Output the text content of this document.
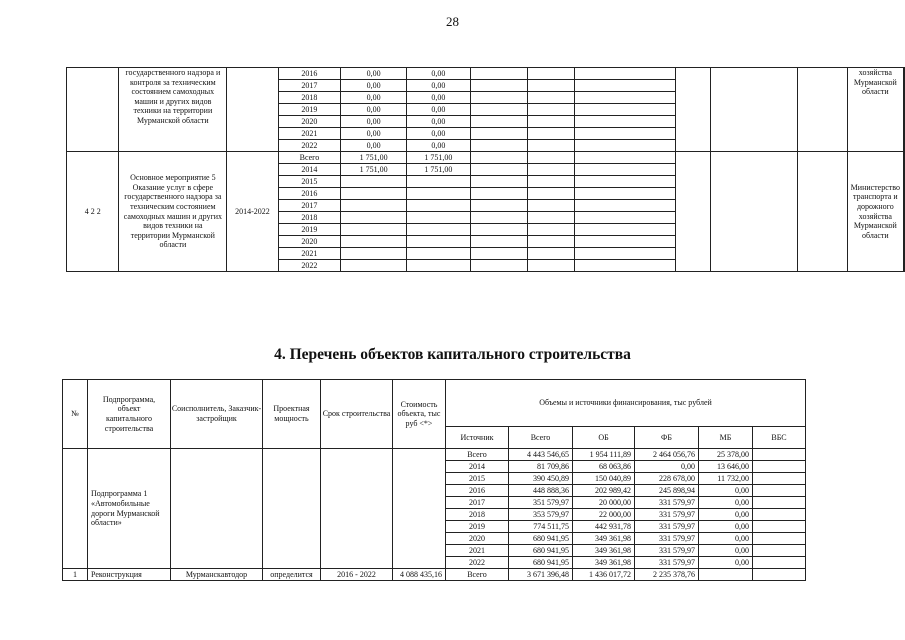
28
	государственного надзора и контроля за техническим состоянием самоходных машин и других видов техники на территории Мурманской области		2016	0,00	0,00							хозяйства Мурманской области	
			2017	0,00	0,00								
			2018	0,00	0,00								
			2019	0,00	0,00								
			2020	0,00	0,00								
			2021	0,00	0,00								
			2022	0,00	0,00								
4 2 2	Основное мероприятие 5 Оказание услуг в сфере государственного надзора за техническим состоянием самоходных машин и других видов техники на территории Мурманской области	2014-2022	Всего	1 751,00	1 751,00							Министерство транспорта и дорожного хозяйства Мурманской области	
			2014	1 751,00	1 751,00								
			2015										
			2016										
			2017										
			2018										
			2019										
			2020										
			2021										
			2022										
4. Перечень объектов капитального строительства
№	Подпрограмма, объект капитального строительства	Соисполнитель, Заказчик-застройщик	Проектная мощность	Срок строительства	Стоимость объекта, тыс руб <*>	Объемы и источники финансирования, тыс рублей					
						Источник	Всего	ОБ	ФБ	МБ	ВБС
	Подпрограмма 1 «Автомобильные дороги Мурманской области»					Всего	4 443 546,65	1 954 111,89	2 464 056,76	25 378,00	
						2014	81 709,86	68 063,86	0,00	13 646,00	
						2015	390 450,89	150 040,89	228 678,00	11 732,00	
						2016	448 888,36	202 989,42	245 898,94	0,00	
						2017	351 579,97	20 000,00	331 579,97	0,00	
						2018	353 579,97	22 000,00	331 579,97	0,00	
						2019	774 511,75	442 931,78	331 579,97	0,00	
						2020	680 941,95	349 361,98	331 579,97	0,00	
						2021	680 941,95	349 361,98	331 579,97	0,00	
						2022	680 941,95	349 361,98	331 579,97	0,00	
1	Реконструкция	Мурманскавтодор	определится	2016 - 2022	4 088 435,16	Всего	3 671 396,48	1 436 017,72	2 235 378,76		
